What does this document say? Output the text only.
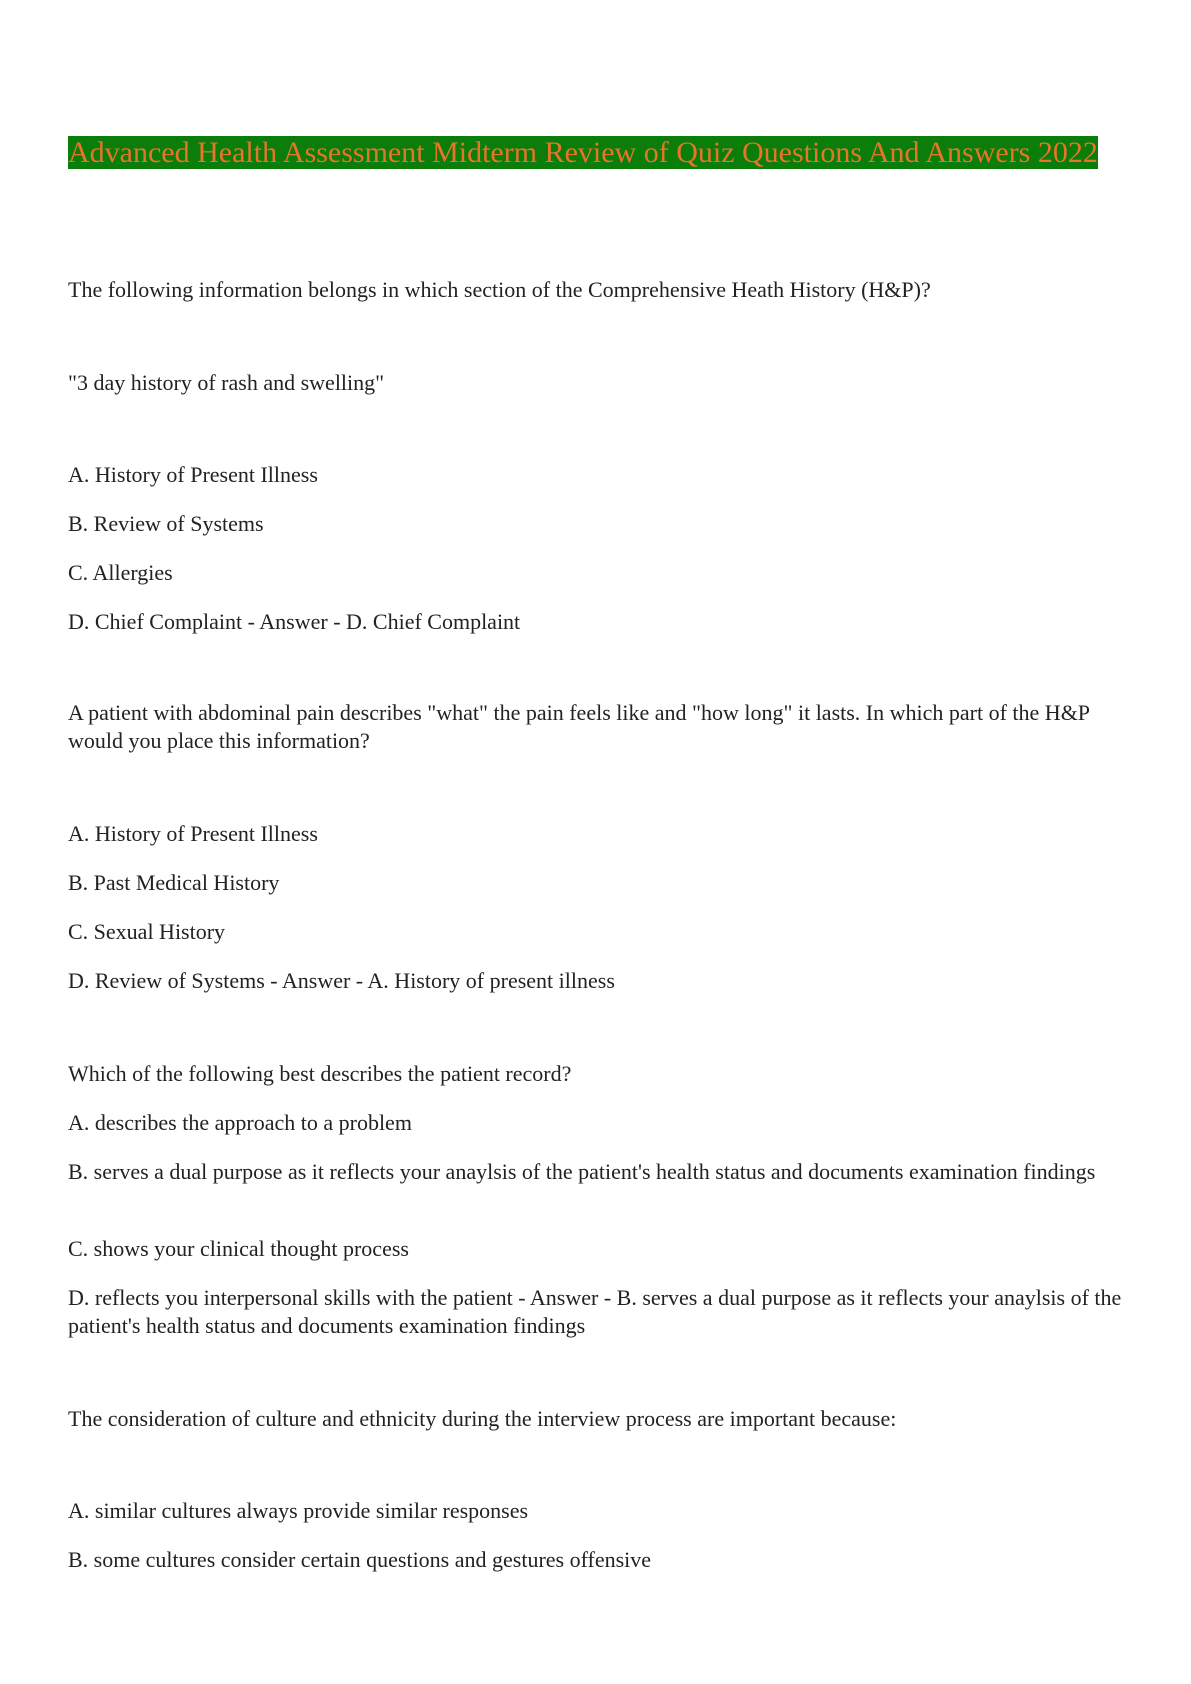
Advanced Health Assessment Midterm Review of Quiz Questions And Answers 2022

The following information belongs in which section of the Comprehensive Heath History (H&P)?

"3 day history of rash and swelling"

A. History of Present Illness

B. Review of Systems

C. Allergies

D. Chief Complaint - Answer - D. Chief Complaint

A patient with abdominal pain describes "what" the pain feels like and "how long" it lasts. In which part of the H&P would you place this information?

A. History of Present Illness

B. Past Medical History

C. Sexual History

D. Review of Systems - Answer - A. History of present illness

Which of the following best describes the patient record?

A. describes the approach to a problem

B. serves a dual purpose as it reflects your anaylsis of the patient's health status and documents examination findings

C. shows your clinical thought process

D. reflects you interpersonal skills with the patient - Answer - B. serves a dual purpose as it reflects your anaylsis of the patient's health status and documents examination findings

The consideration of culture and ethnicity during the interview process are important because:

A. similar cultures always provide similar responses

B. some cultures consider certain questions and gestures offensive
